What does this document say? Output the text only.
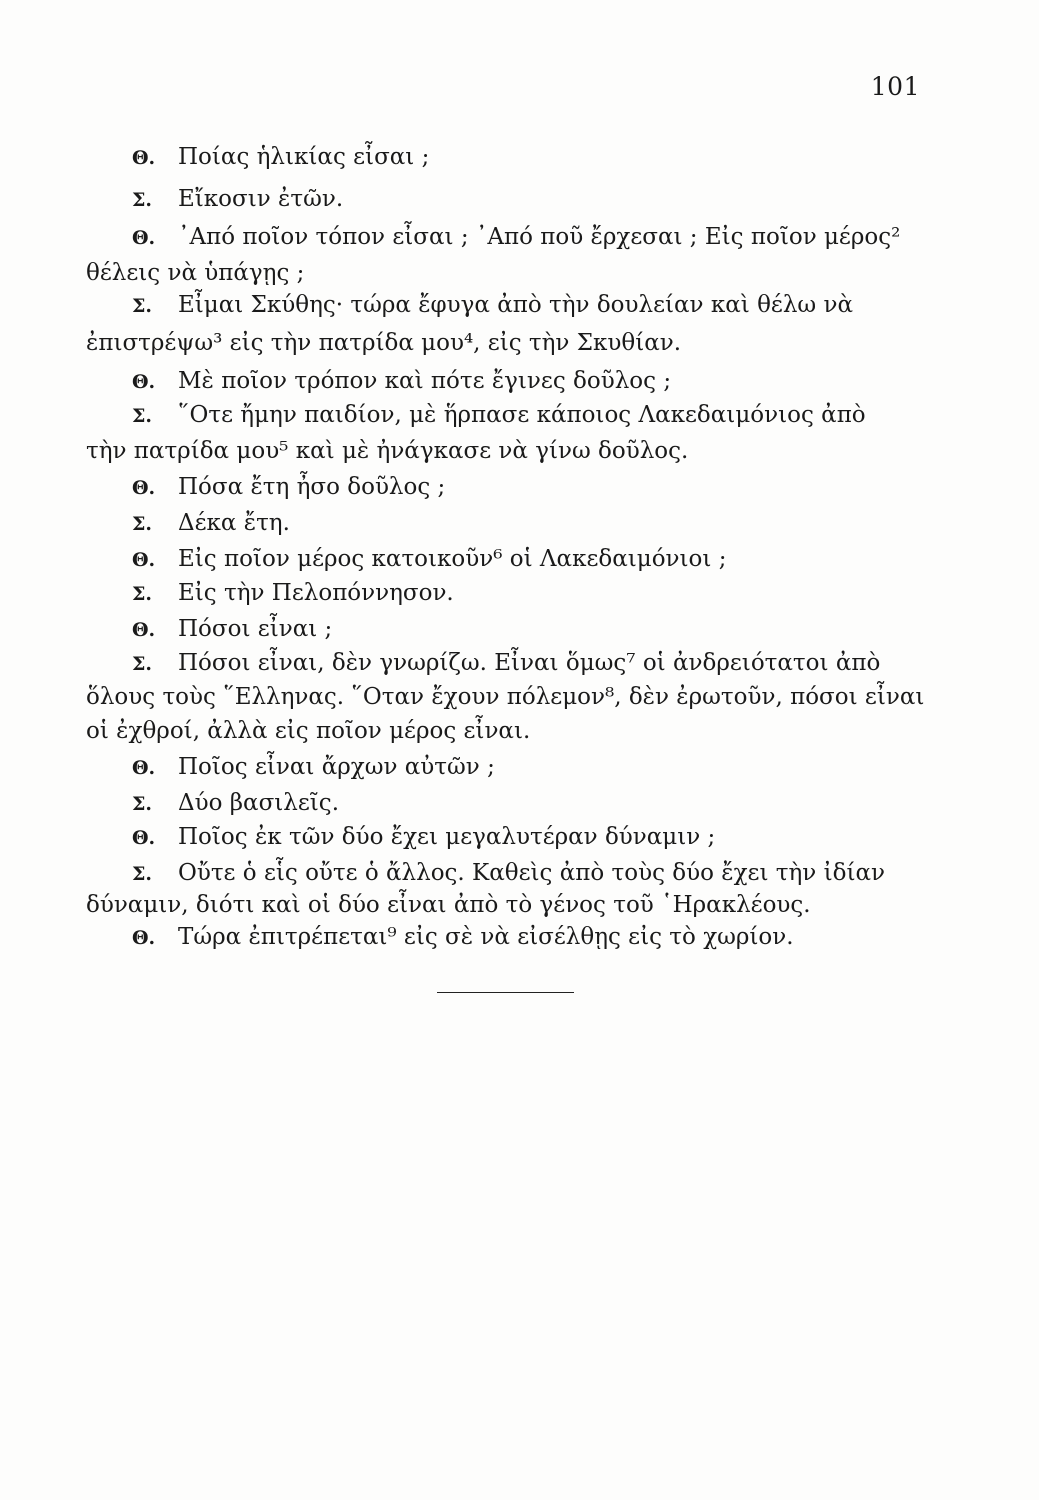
101
Θ. Ποίας ἡλικίας εἶσαι ;
Σ. Εἴκοσιν ἐτῶν.
Θ. ᾿Από ποῖον τόπον εἶσαι ; ᾿Από ποῦ ἔρχεσαι ; Εἰς ποῖον μέρος²
θέλεις νὰ ὑπάγῃς ;
Σ. Εἶμαι Σκύθης· τώρα ἔφυγα ἀπὸ τὴν δουλείαν καὶ θέλω νὰ
ἐπιστρέψω³ εἰς τὴν πατρίδα μου⁴, εἰς τὴν Σκυθίαν.
Θ. Μὲ ποῖον τρόπον καὶ πότε ἔγινες δοῦλος ;
Σ. ῞Οτε ἤμην παιδίον, μὲ ἥρπασε κάποιος Λακεδαιμόνιος ἀπὸ
τὴν πατρίδα μου⁵ καὶ μὲ ἠνάγκασε νὰ γίνω δοῦλος.
Θ. Πόσα ἔτη ἦσο δοῦλος ;
Σ. Δέκα ἔτη.
Θ. Εἰς ποῖον μέρος κατοικοῦν⁶ οἱ Λακεδαιμόνιοι ;
Σ. Εἰς τὴν Πελοπόννησον.
Θ. Πόσοι εἶναι ;
Σ. Πόσοι εἶναι, δὲν γνωρίζω. Εἶναι ὅμως⁷ οἱ ἀνδρειότατοι ἀπὸ
ὅλους τοὺς ῞Ελληνας. ῞Οταν ἔχουν πόλεμον⁸, δὲν ἐρωτοῦν, πόσοι εἶναι
οἱ ἐχθροί, ἀλλὰ εἰς ποῖον μέρος εἶναι.
Θ. Ποῖος εἶναι ἄρχων αὐτῶν ;
Σ. Δύο βασιλεῖς.
Θ. Ποῖος ἐκ τῶν δύο ἔχει μεγαλυτέραν δύναμιν ;
Σ. Οὔτε ὁ εἷς οὔτε ὁ ἄλλος. Καθεὶς ἀπὸ τοὺς δύο ἔχει τὴν ἰδίαν
δύναμιν, διότι καὶ οἱ δύο εἶναι ἀπὸ τὸ γένος τοῦ ῾Ηρακλέους.
Θ. Τώρα ἐπιτρέπεται⁹ εἰς σὲ νὰ εἰσέλθῃς εἰς τὸ χωρίον.
